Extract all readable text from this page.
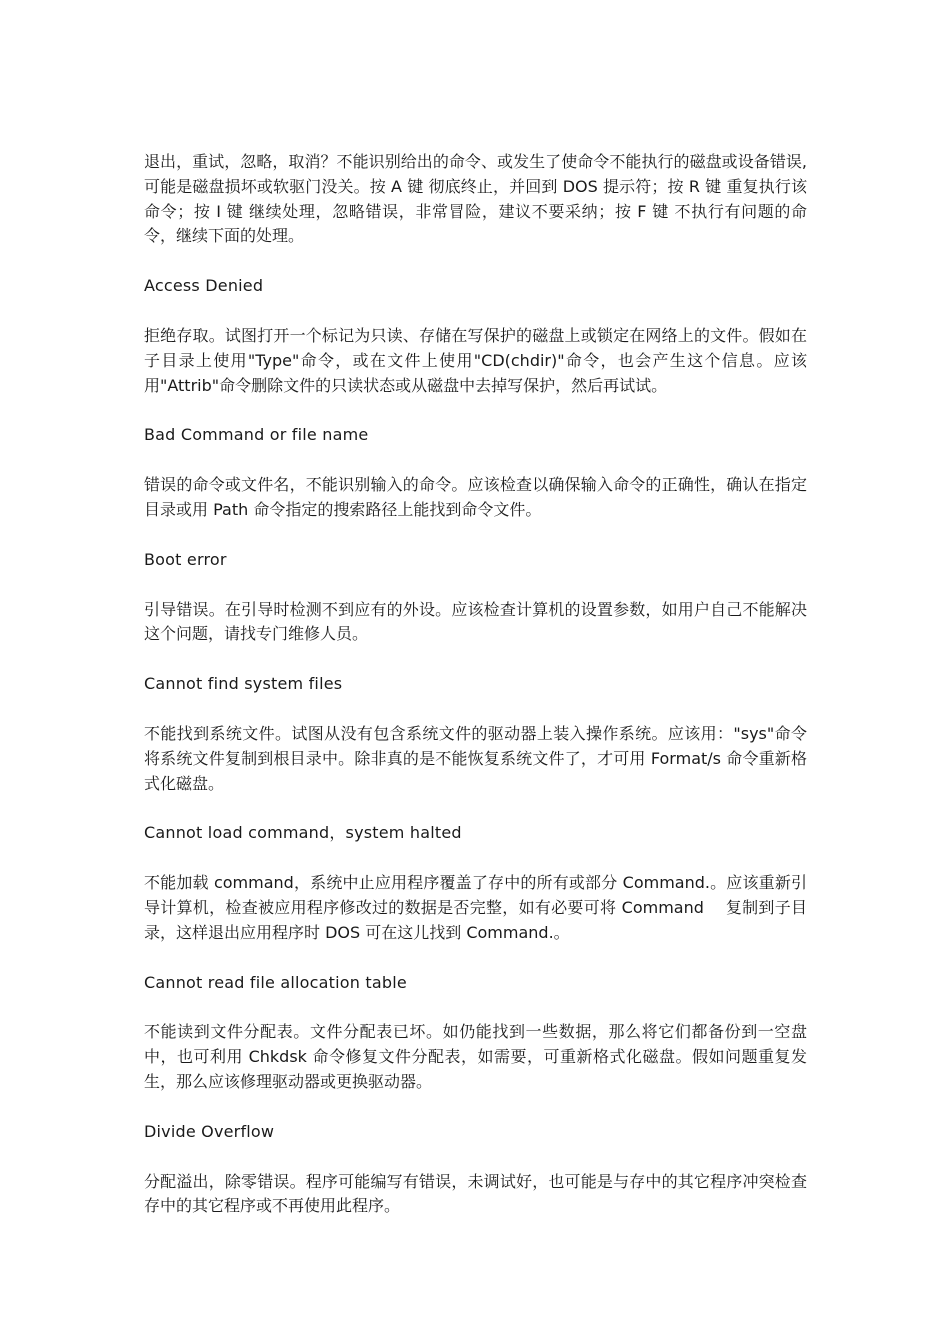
退出，重试，忽略，取消？不能识别给出的命令、或发生了使命令不能执行的磁盘或设备错误,可能是磁盘损坏或软驱门没关。按 A 键 彻底终止，并回到 DOS 提示符；按 R 键 重复执行该命令；按 I 键 继续处理，忽略错误，非常冒险，建议不要采纳；按 F 键 不执行有问题的命令，继续下面的处理。

Access Denied

拒绝存取。试图打开一个标记为只读、存储在写保护的磁盘上或锁定在网络上的文件。假如在子目录上使用"Type"命令，或在文件上使用"CD(chdir)"命令，也会产生这个信息。应该用"Attrib"命令删除文件的只读状态或从磁盘中去掉写保护，然后再试试。

Bad Command or file name

错误的命令或文件名，不能识别输入的命令。应该检查以确保输入命令的正确性，确认在指定目录或用 Path 命令指定的搜索路径上能找到命令文件。

Boot error

引导错误。在引导时检测不到应有的外设。应该检查计算机的设置参数，如用户自己不能解决这个问题，请找专门维修人员。

Cannot find system files

不能找到系统文件。试图从没有包含系统文件的驱动器上装入操作系统。应该用："sys"命令将系统文件复制到根目录中。除非真的是不能恢复系统文件了，才可用 Format/s 命令重新格式化磁盘。

Cannot load command，system halted

不能加载 command，系统中止应用程序覆盖了存中的所有或部分 Command.。应该重新引导计算机，检查被应用程序修改过的数据是否完整，如有必要可将 Command　 复制到子目录，这样退出应用程序时 DOS 可在这儿找到 Command.。

Cannot read file allocation table

不能读到文件分配表。文件分配表已坏。如仍能找到一些数据，那么将它们都备份到一空盘中，也可利用 Chkdsk 命令修复文件分配表，如需要，可重新格式化磁盘。假如问题重复发生，那么应该修理驱动器或更换驱动器。

Divide Overflow

分配溢出，除零错误。程序可能编写有错误，未调试好，也可能是与存中的其它程序冲突检查存中的其它程序或不再使用此程序。
